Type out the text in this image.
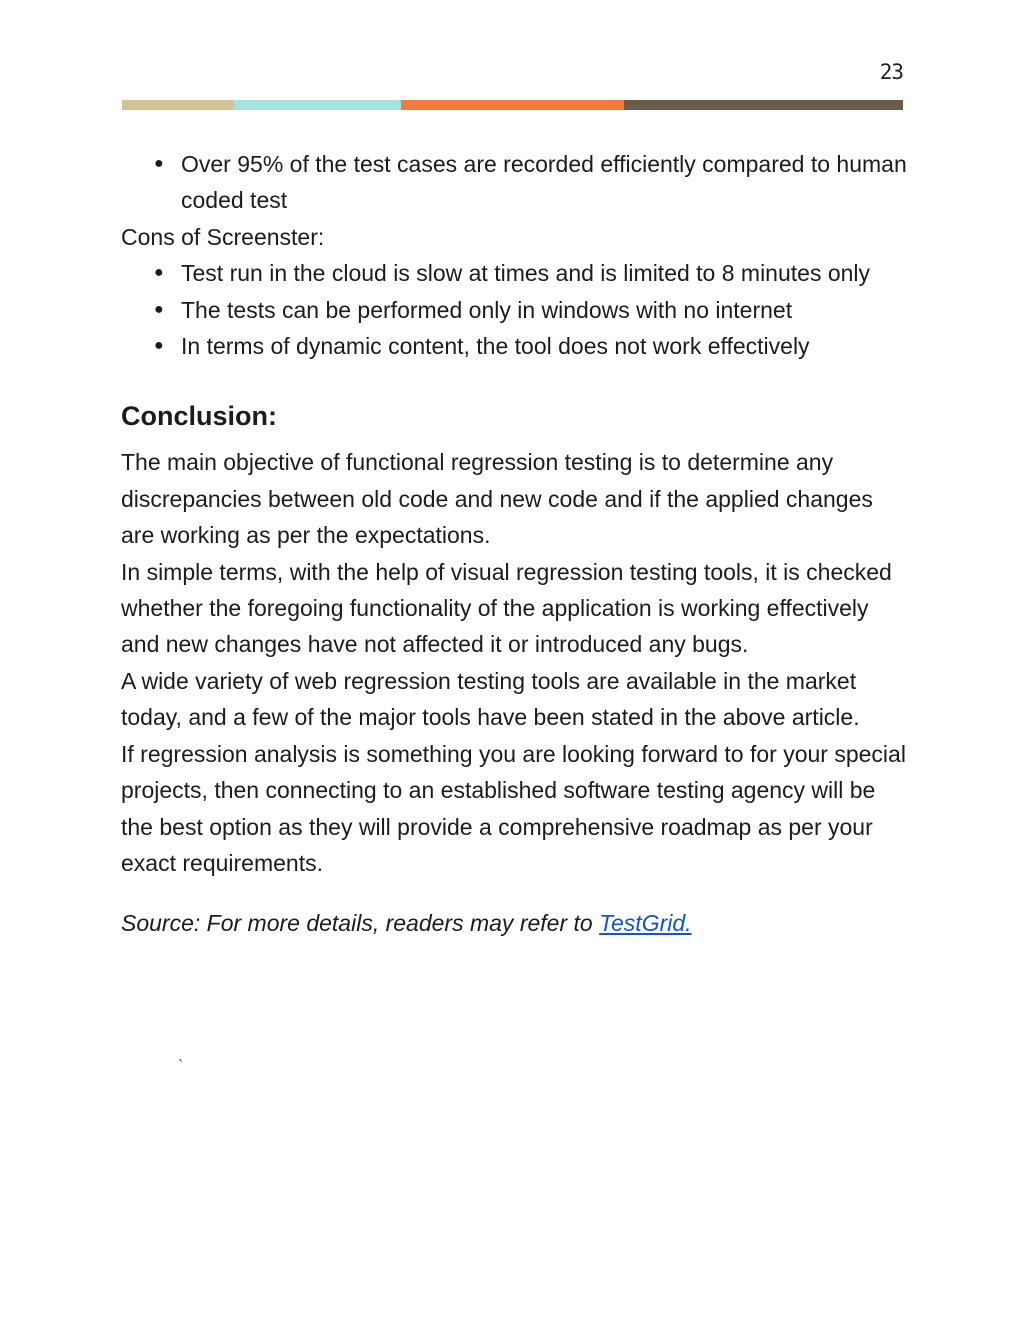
23
● Over 95% of the test cases are recorded efficiently compared to human coded test

Cons of Screenster:

● Test run in the cloud is slow at times and is limited to 8 minutes only
● The tests can be performed only in windows with no internet
● In terms of dynamic content, the tool does not work effectively
Conclusion:

The main objective of functional regression testing is to determine any discrepancies between old code and new code and if the applied changes are working as per the expectations.

In simple terms, with the help of visual regression testing tools, it is checked whether the foregoing functionality of the application is working effectively and new changes have not affected it or introduced any bugs.

A wide variety of web regression testing tools are available in the market today, and a few of the major tools have been stated in the above article.

If regression analysis is something you are looking forward to for your special projects, then connecting to an established software testing agency will be the best option as they will provide a comprehensive roadmap as per your exact requirements.

Source: For more details, readers may refer to TestGrid.

`
